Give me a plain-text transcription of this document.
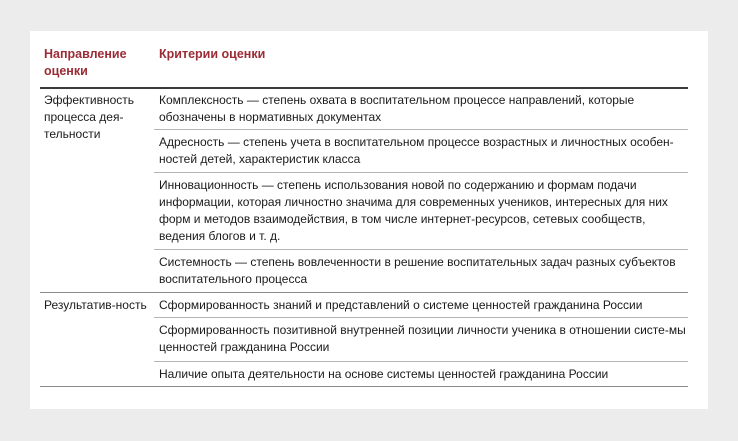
Направление оценки
Критерии оценки
Эффективность процесса дея-тельности
Комплексность — степень охвата в воспитательном процессе направлений, которые обозначены в нормативных документах
Адресность — степень учета в воспитательном процессе возрастных и личностных особен-ностей детей, характеристик класса
Инновационность — степень использования новой по содержанию и формам подачи информации, которая личностно значима для современных учеников, интересных для них форм и методов взаимодействия, в том числе интернет-ресурсов, сетевых сообществ, ведения блогов и т. д.
Системность — степень вовлеченности в решение воспитательных задач разных субъектов воспитательного процесса
Результатив-ность	Сформированность знаний и представлений о системе ценностей гражданина России
Сформированность позитивной внутренней позиции личности ученика в отношении систе-мы ценностей гражданина России
Наличие опыта деятельности на основе системы ценностей гражданина России
